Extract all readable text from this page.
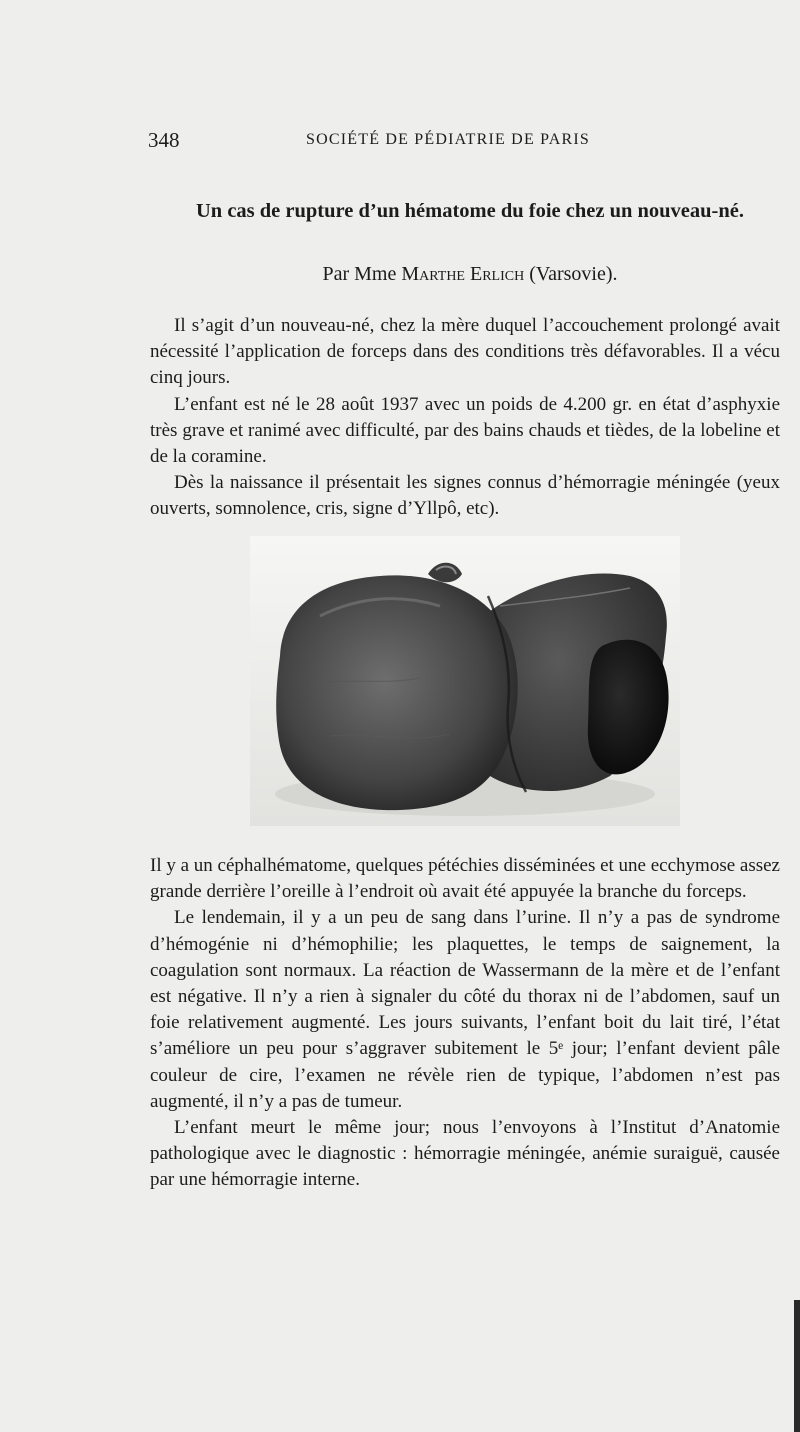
348	SOCIÉTÉ DE PÉDIATRIE DE PARIS
Un cas de rupture d’un hématome du foie chez un nouveau-né.
Par Mme Marthe Erlich (Varsovie).

Il s’agit d’un nouveau-né, chez la mère duquel l’accouchement prolongé avait nécessité l’application de forceps dans des conditions très défavorables. Il a vécu cinq jours.

L’enfant est né le 28 août 1937 avec un poids de 4.200 gr. en état d’asphyxie très grave et ranimé avec difficulté, par des bains chauds et tièdes, de la lobeline et de la coramine.

Dès la naissance il présentait les signes connus d’hémorragie méningée (yeux ouverts, somnolence, cris, signe d’Yllpô, etc).

Il y a un céphalhématome, quelques pétéchies disséminées et une ecchymose assez grande derrière l’oreille à l’endroit où avait été appuyée la branche du forceps.

Le lendemain, il y a un peu de sang dans l’urine. Il n’y a pas de syndrome d’hémogénie ni d’hémophilie; les plaquettes, le temps de saignement, la coagulation sont normaux. La réaction de Wassermann de la mère et de l’enfant est négative. Il n’y a rien à signaler du côté du thorax ni de l’abdomen, sauf un foie relativement augmenté. Les jours suivants, l’enfant boit du lait tiré, l’état s’améliore un peu pour s’aggraver subitement le 5ᵉ jour; l’enfant devient pâle couleur de cire, l’examen ne révèle rien de typique, l’abdomen n’est pas augmenté, il n’y a pas de tumeur.

L’enfant meurt le même jour; nous l’envoyons à l’Institut d’Anatomie pathologique avec le diagnostic : hémorragie méningée, anémie suraiguë, causée par une hémorragie interne.
